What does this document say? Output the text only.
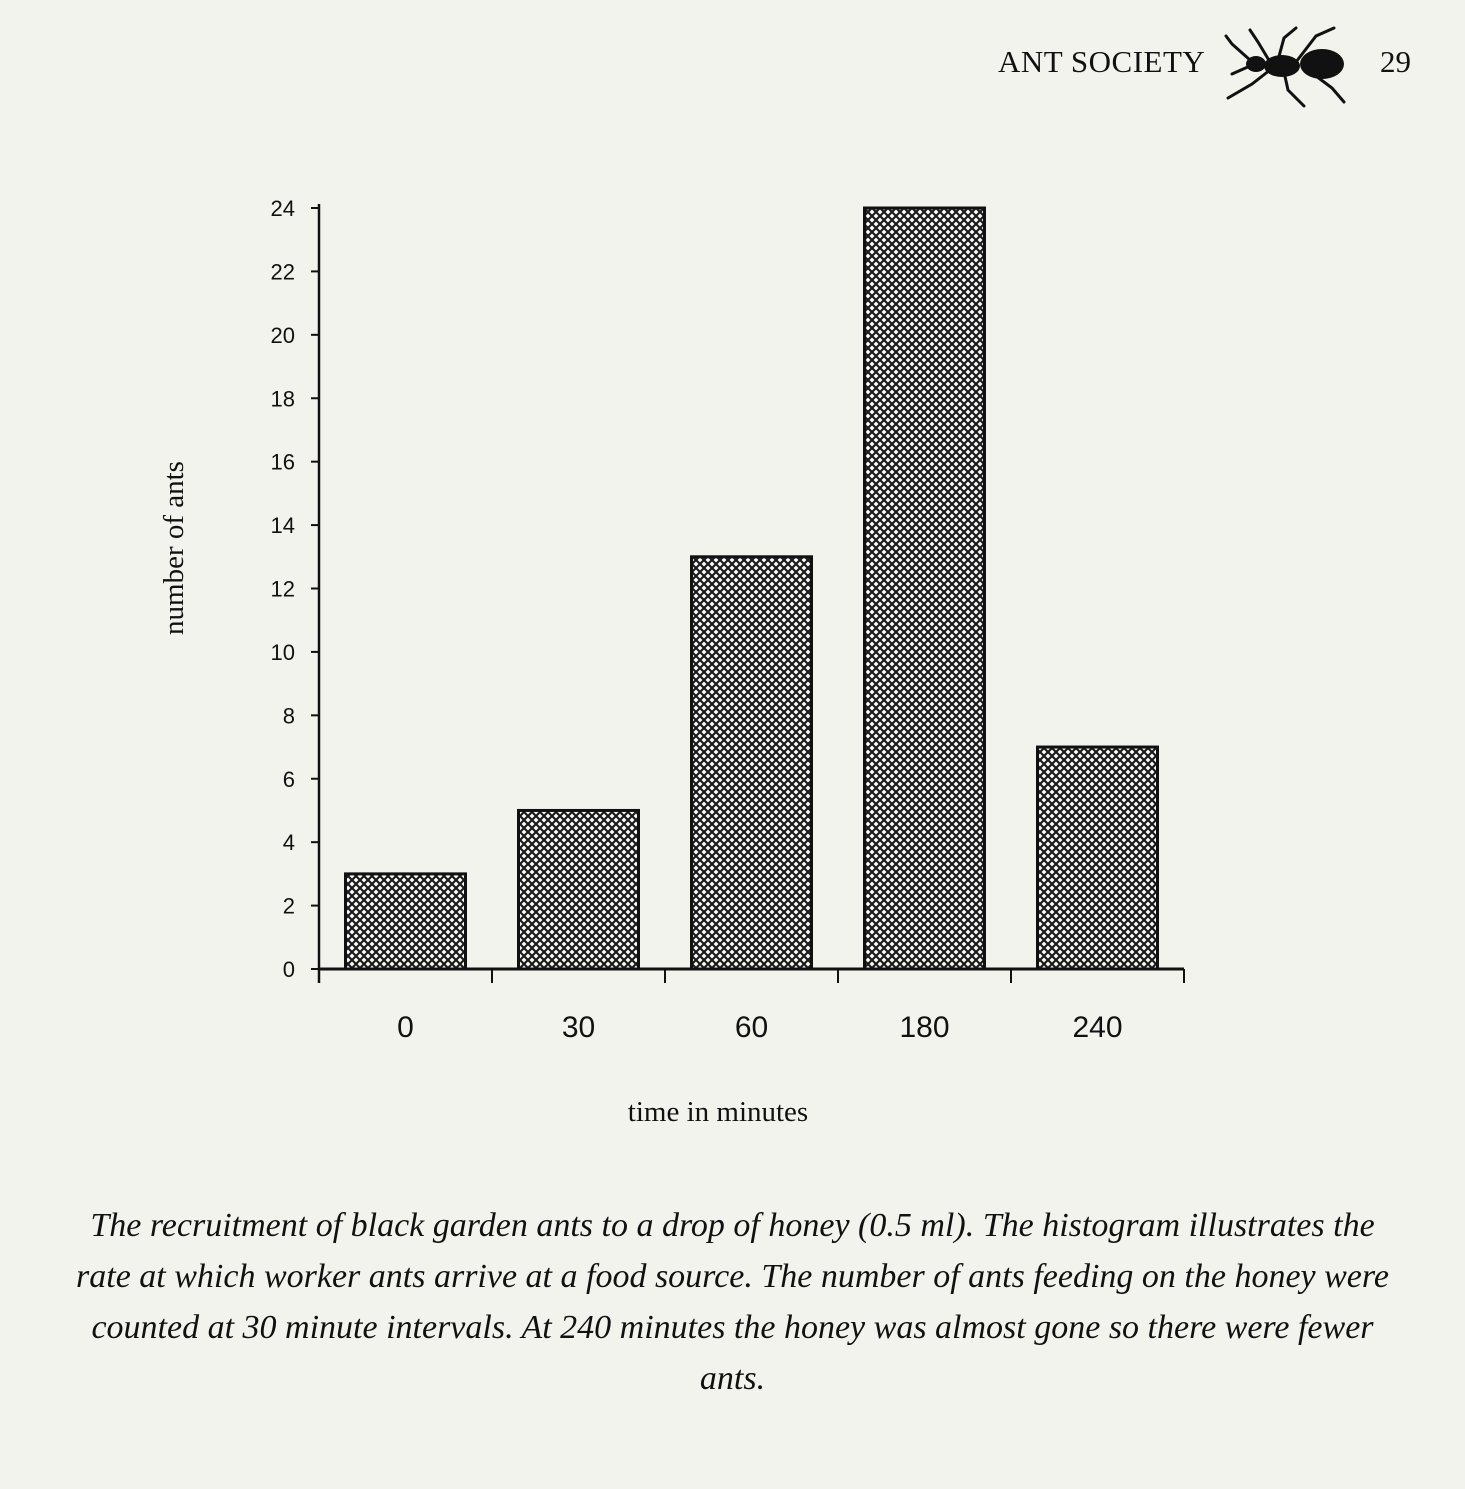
ANT SOCIETY	29
0
2
4
6
8
10
12
14
16
18
20
22
24
0	30	60	180	240
number of ants
time in minutes
The recruitment of black garden ants to a drop of honey (0.5 ml). The histogram illustrates the rate at which worker ants arrive at a food source. The number of ants feeding on the honey were counted at 30 minute intervals. At 240 minutes the honey was almost gone so there were fewer ants.
